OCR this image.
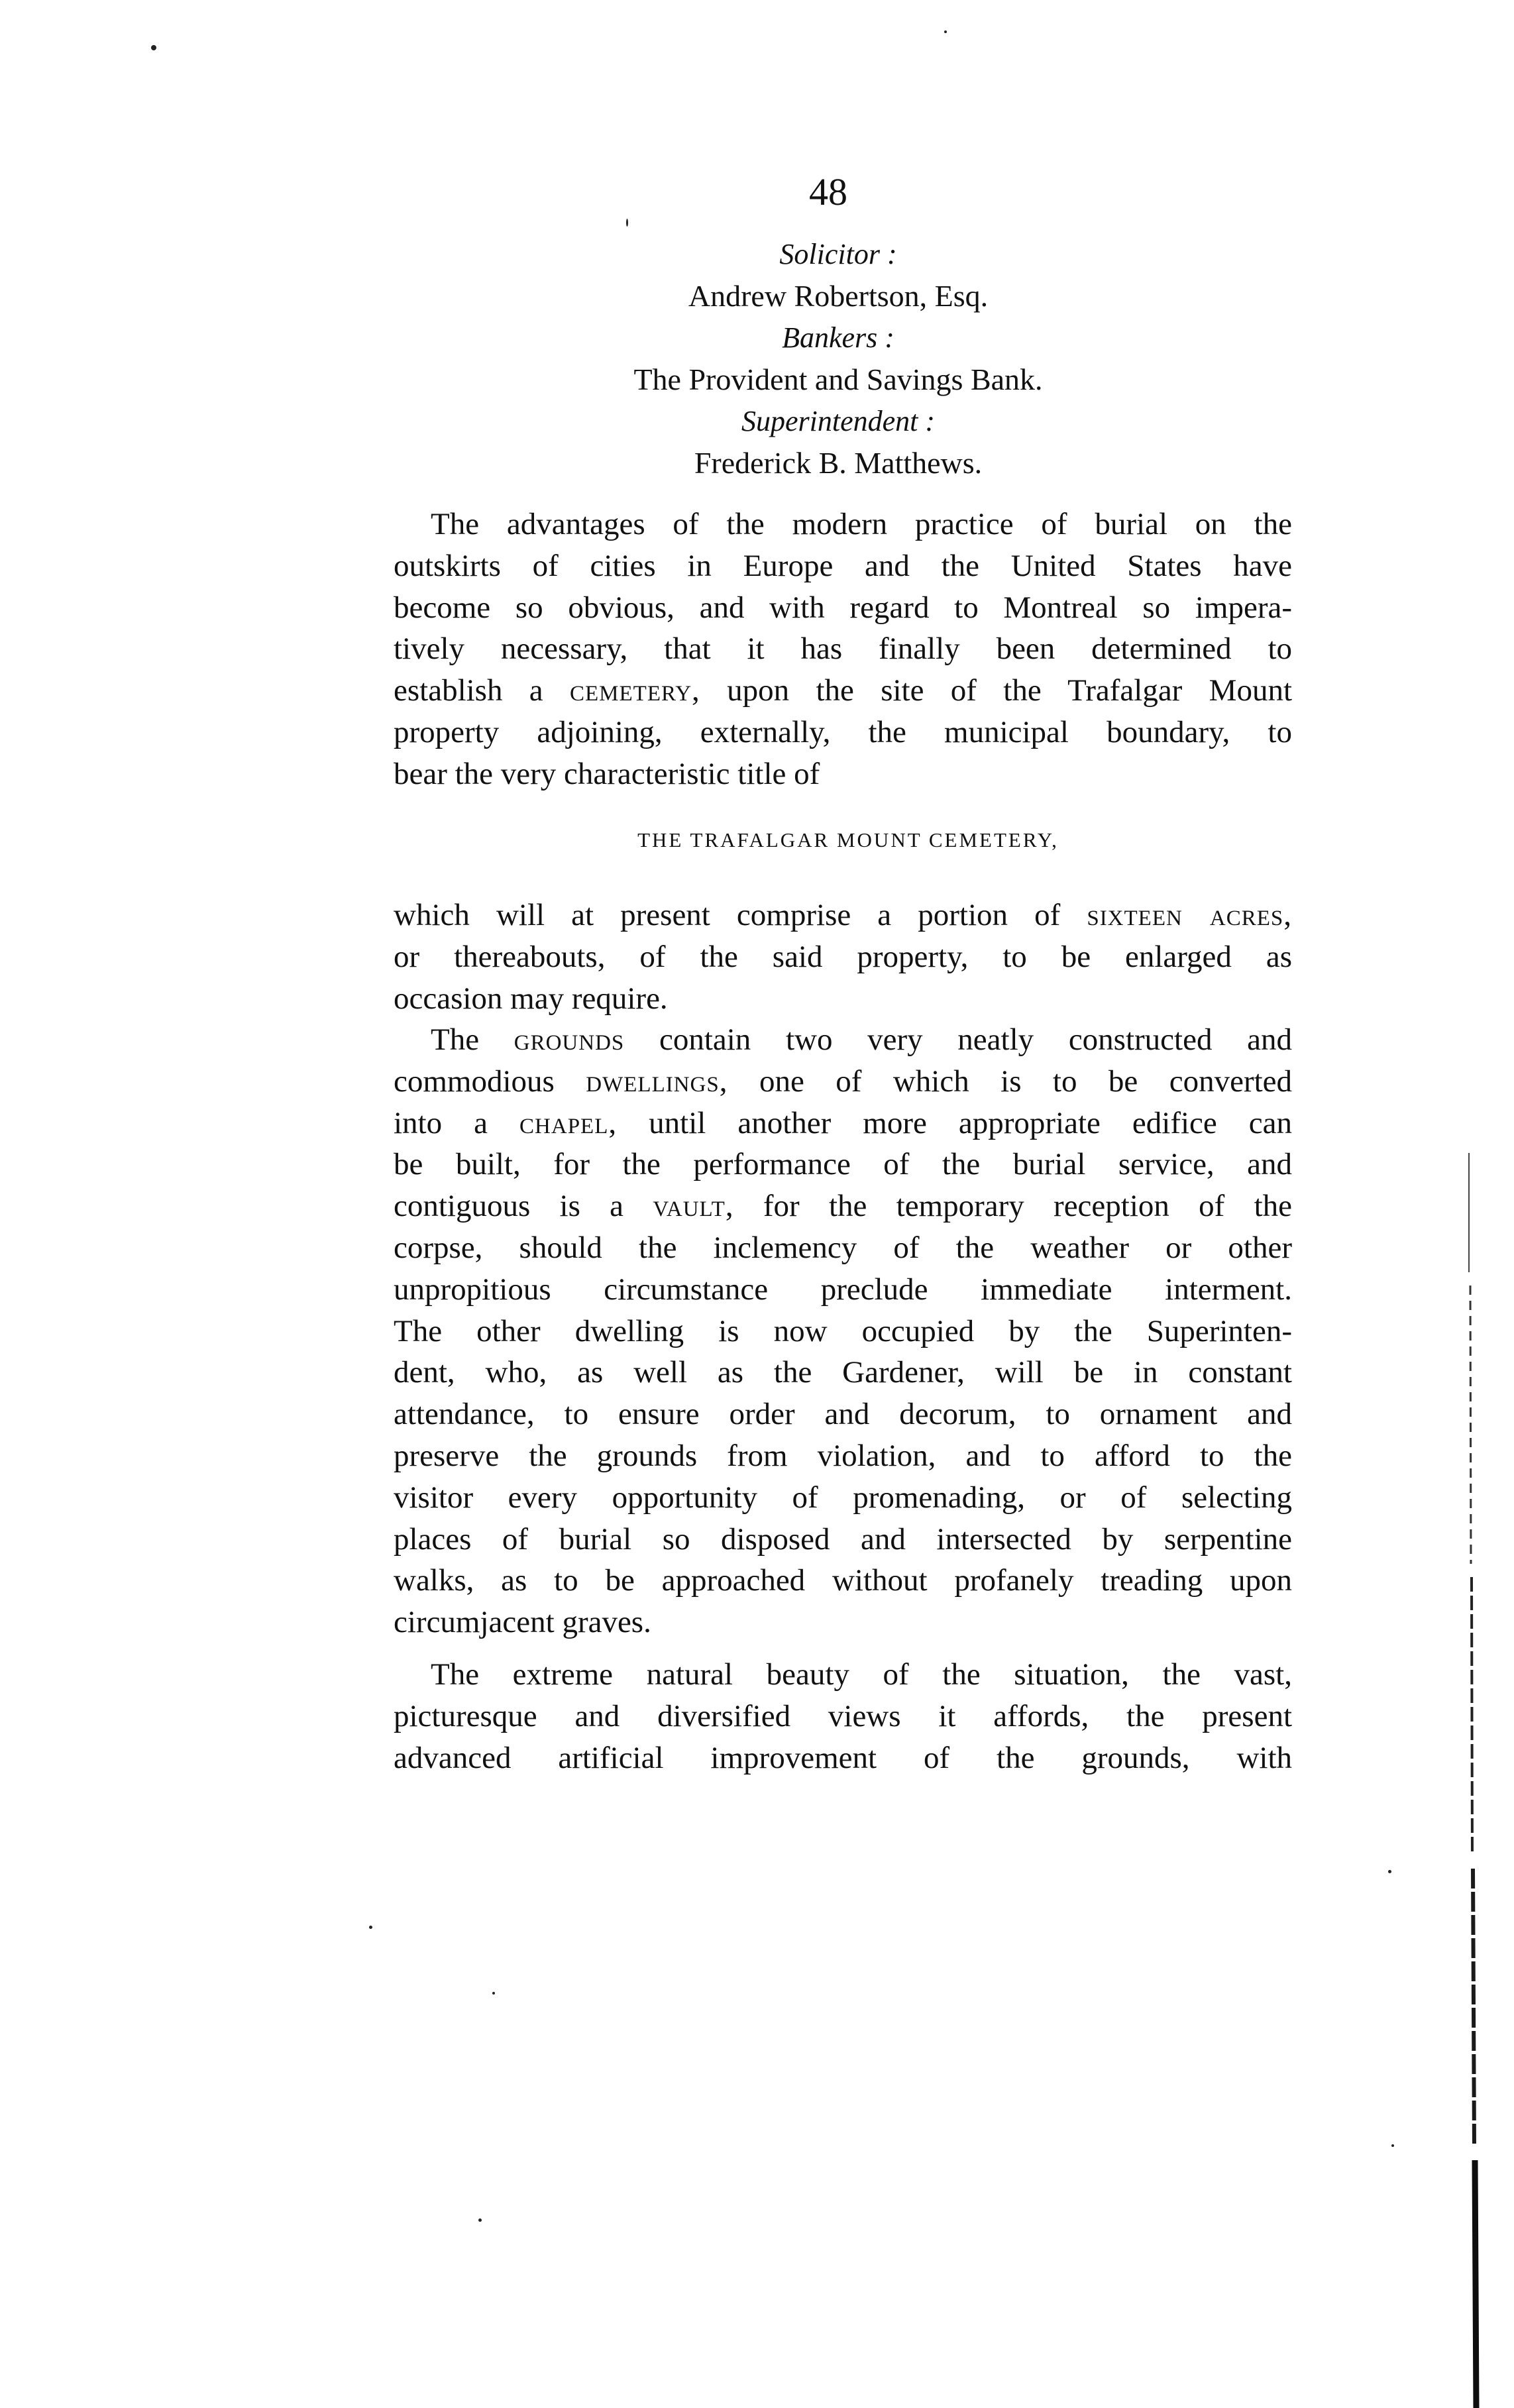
48
Solicitor :
Andrew Robertson, Esq.
Bankers :
The Provident and Savings Bank.
Superintendent :
Frederick B. Matthews.
The advantages of the modern practice of burial on the
outskirts of cities in Europe and the United States have
become so obvious, and with regard to Montreal so impera-
tively necessary, that it has finally been determined to
establish a cemetery, upon the site of the Trafalgar Mount
property adjoining, externally, the municipal boundary, to
bear the very characteristic title of
THE TRAFALGAR MOUNT CEMETERY,
which will at present comprise a portion of sixteen acres,
or thereabouts, of the said property, to be enlarged as
occasion may require.
The grounds contain two very neatly constructed and
commodious dwellings, one of which is to be converted
into a chapel, until another more appropriate edifice can
be built, for the performance of the burial service, and
contiguous is a vault, for the temporary reception of the
corpse, should the inclemency of the weather or other
unpropitious circumstance preclude immediate interment.
The other dwelling is now occupied by the Superinten-
dent, who, as well as the Gardener, will be in constant
attendance, to ensure order and decorum, to ornament and
preserve the grounds from violation, and to afford to the
visitor every opportunity of promenading, or of selecting
places of burial so disposed and intersected by serpentine
walks, as to be approached without profanely treading upon
circumjacent graves.
The extreme natural beauty of the situation, the vast,
picturesque and diversified views it affords, the present
advanced artificial improvement of the grounds, with
